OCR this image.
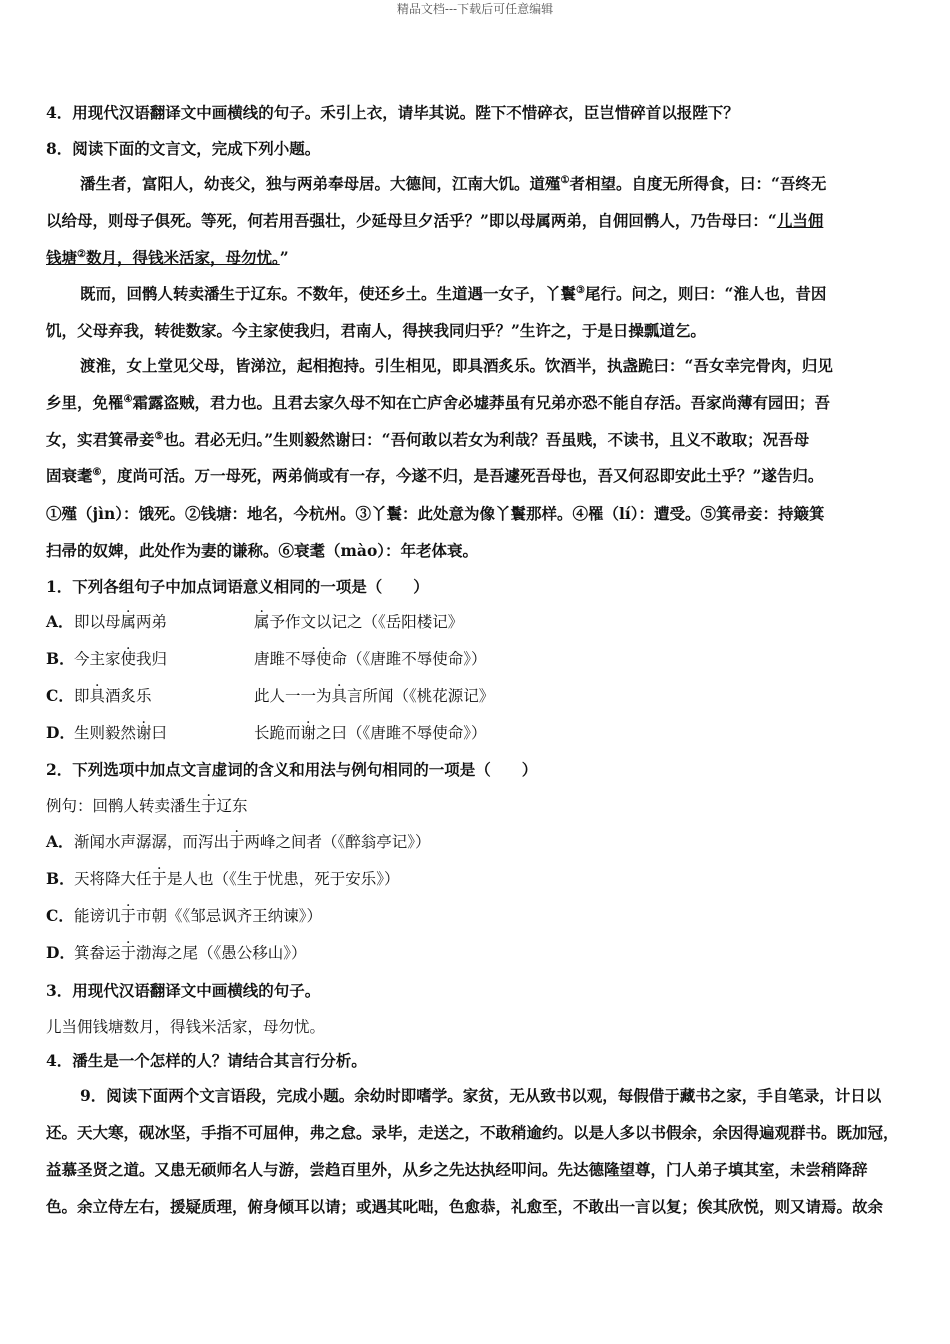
精品文档---下载后可任意编辑
4．用现代汉语翻译文中画横线的句子。禾引上衣，请毕其说。陛下不惜碎衣，臣岂惜碎首以报陛下？
8．阅读下面的文言文，完成下列小题。
潘生者，富阳人，幼丧父，独与两弟奉母居。大德间，江南大饥。道殣①者相望。自度无所得食，曰：“吾终无
以给母，则母子俱死。等死，何若用吾强壮，少延母旦夕活乎？”即以母属两弟，自佣回鹘人，乃告母曰：“儿当佣
钱塘②数月，得钱米活家，母勿忧。”
既而，回鹘人转卖潘生于辽东。不数年，使还乡土。生道遇一女子，丫鬟③尾行。问之，则曰：“淮人也，昔因
饥，父母弃我，转徙数家。今主家使我归，君南人，得挟我同归乎？”生许之，于是日操瓢道乞。
渡淮，女上堂见父母，皆涕泣，起相抱持。引生相见，即具酒炙乐。饮酒半，执盏跪曰：“吾女幸完骨肉，归见
乡里，免罹④霜露盗贼，君力也。且君去家久母不知在亡庐舍必墟莽虽有兄弟亦恐不能自存活。吾家尚薄有园田；吾
女，实君箕帚妾⑤也。君必无归。”生则毅然谢曰：“吾何敢以若女为利哉？吾虽贱，不读书，且义不敢取；况吾母
固衰耄⑥，度尚可活。万一母死，两弟倘或有一存，今遂不归，是吾遽死吾母也，吾又何忍即安此土乎？”遂告归。
①殣（jìn）：饿死。②钱塘：地名，今杭州。③丫鬟：此处意为像丫鬟那样。④罹（lí）：遭受。⑤箕帚妾：持簸箕
扫帚的奴婢，此处作为妻的谦称。⑥衰耄（mào）：年老体衰。
1．下列各组句子中加点词语意义相同的一项是（　　）
A．即以母属两弟	属予作文以记之（《岳阳楼记》
B．今主家使我归	唐雎不辱使命（《唐雎不辱使命》）
C．即具酒炙乐	此人一一为具言所闻（《桃花源记》
D．生则毅然谢曰	长跪而谢之曰（《唐雎不辱使命》）
2．下列选项中加点文言虚词的含义和用法与例句相同的一项是（　　）
例句：回鹘人转卖潘生于辽东
A．渐闻水声潺潺，而泻出于两峰之间者（《醉翁亭记》）
B．天将降大任于是人也（《生于忧患，死于安乐》）
C．能谤讥于市朝《《邹忌讽齐王纳谏》）
D．箕畚运于渤海之尾（《愚公移山》）
3．用现代汉语翻译文中画横线的句子。
儿当佣钱塘数月，得钱米活家，母勿忧。
4．潘生是一个怎样的人？请结合其言行分析。
9．阅读下面两个文言语段，完成小题。余幼时即嗜学。家贫，无从致书以观，每假借于藏书之家，手自笔录，计日以
还。天大寒，砚冰坚，手指不可屈伸，弗之怠。录毕，走送之，不敢稍逾约。以是人多以书假余，余因得遍观群书。既加冠，
益慕圣贤之道。又患无硕师名人与游，尝趋百里外，从乡之先达执经叩问。先达德隆望尊，门人弟子填其室，未尝稍降辞
色。余立侍左右，援疑质理，俯身倾耳以请；或遇其叱咄，色愈恭，礼愈至，不敢出一言以复；俟其欣悦，则又请焉。故余
